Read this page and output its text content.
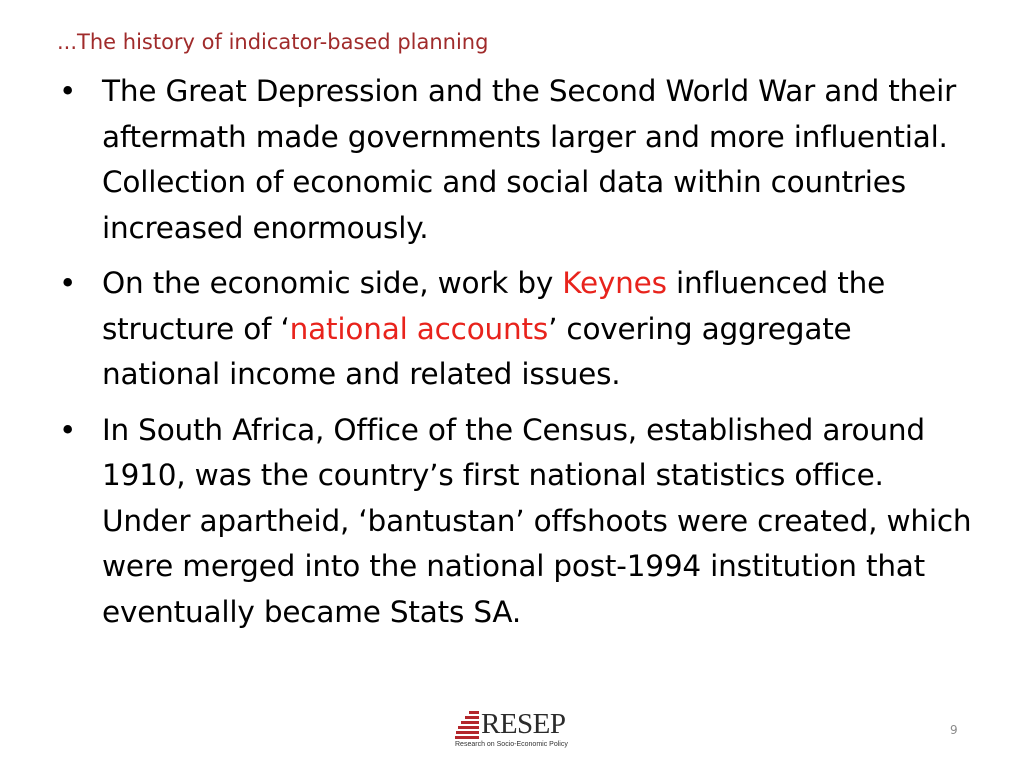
...The history of indicator-based planning
• The Great Depression and the Second World War and their aftermath made governments larger and more influential. Collection of economic and social data within countries increased enormously.
• On the economic side, work by Keynes influenced the structure of ‘national accounts’ covering aggregate national income and related issues.
• In South Africa, Office of the Census, established around 1910, was the country’s first national statistics office. Under apartheid, ‘bantustan’ offshoots were created, which were merged into the national post-1994 institution that eventually became Stats SA.
RESEP
Research on Socio-Economic Policy
9
